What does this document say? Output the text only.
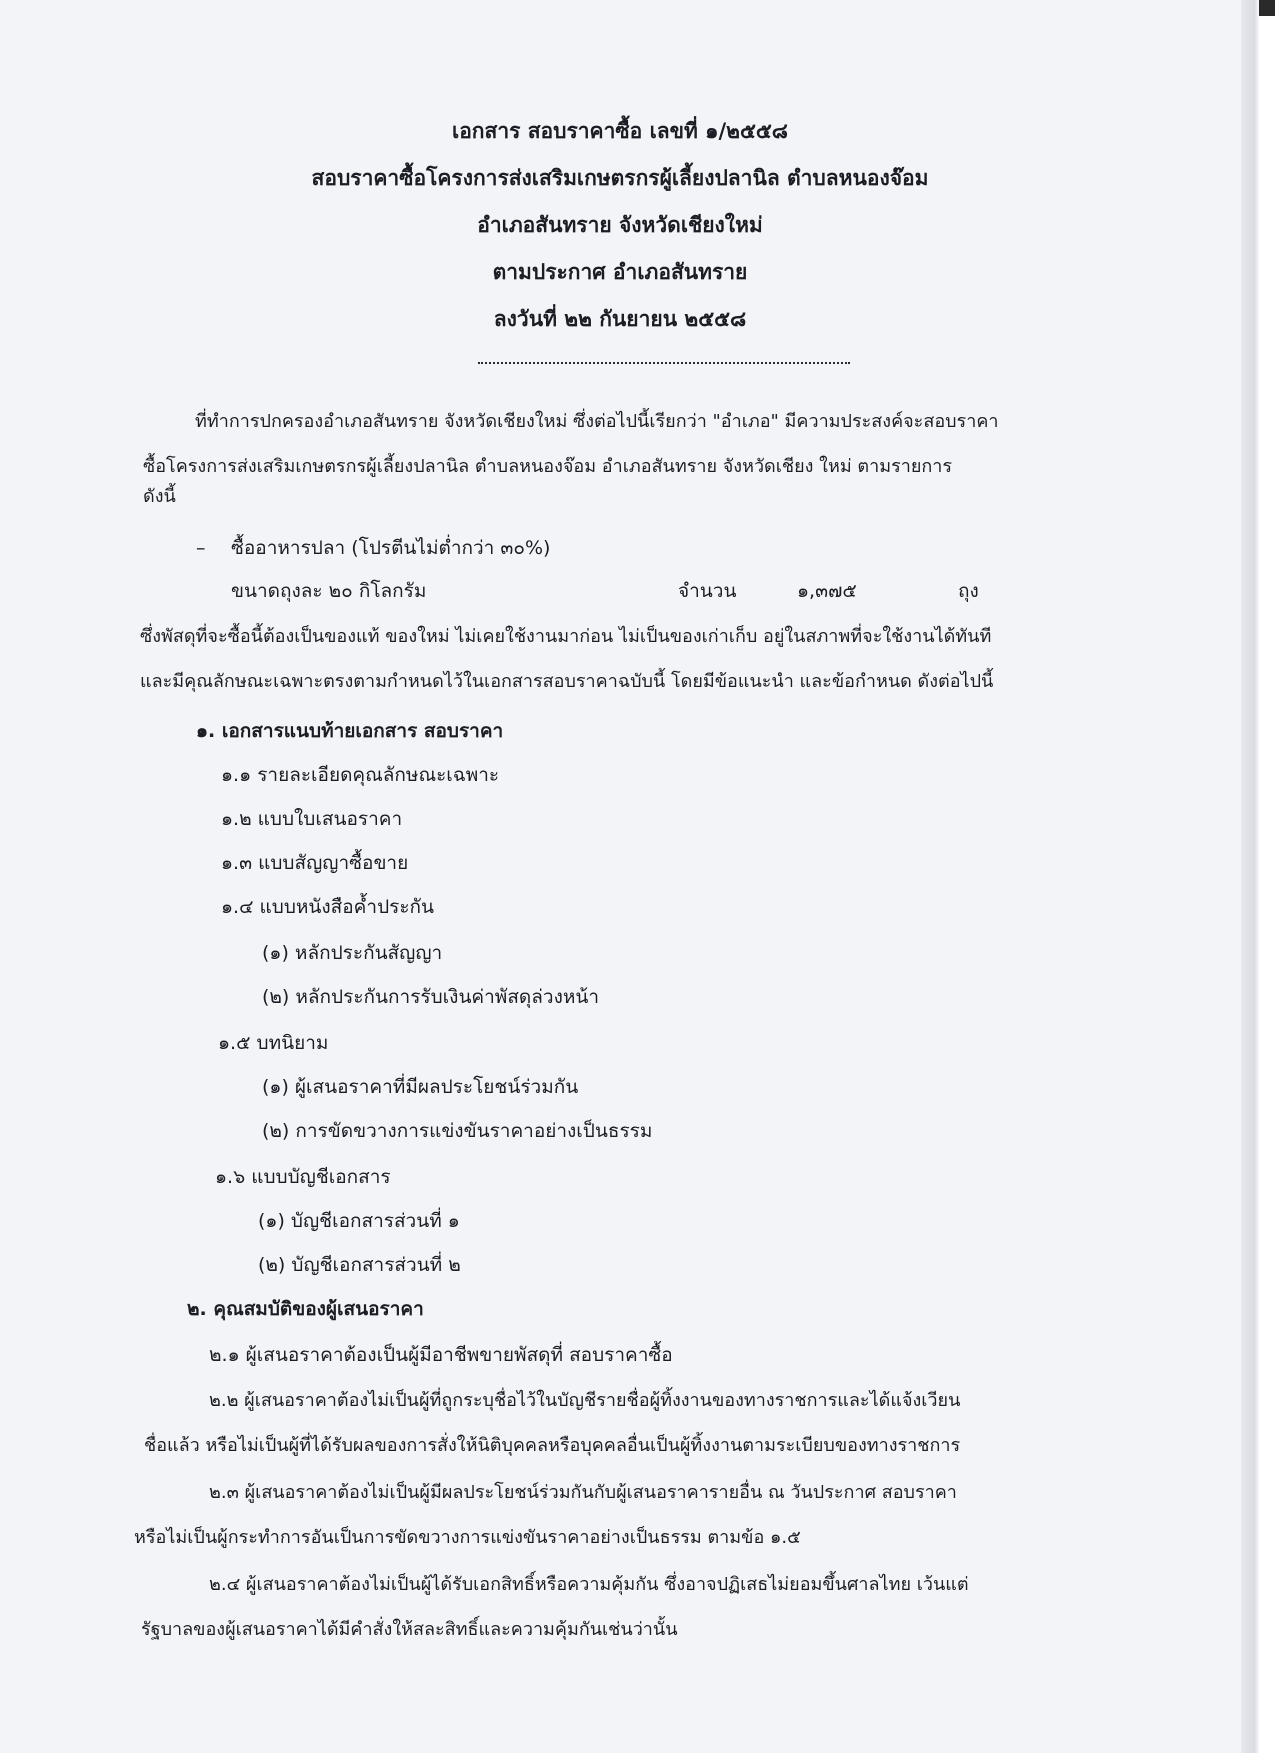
เอกสาร สอบราคาซื้อ เลขที่ ๑/๒๕๕๘
สอบราคาซื้อโครงการส่งเสริมเกษตรกรผู้เลี้ยงปลานิล ตำบลหนองจ๊อม
อำเภอสันทราย จังหวัดเชียงใหม่
ตามประกาศ อำเภอสันทราย
ลงวันที่ ๒๒ กันยายน ๒๕๕๘
ที่ทำการปกครองอำเภอสันทราย จังหวัดเชียงใหม่ ซึ่งต่อไปนี้เรียกว่า "อำเภอ" มีความประสงค์จะสอบราคา
ซื้อโครงการส่งเสริมเกษตรกรผู้เลี้ยงปลานิล ตำบลหนองจ๊อม อำเภอสันทราย จังหวัดเชียง ใหม่ ตามรายการ
ดังนี้
– ซื้ออาหารปลา (โปรตีนไม่ต่ำกว่า ๓๐%)
ขนาดถุงละ ๒๐ กิโลกรัม	จำนวน	๑,๓๗๕	ถุง
ซึ่งพัสดุที่จะซื้อนี้ต้องเป็นของแท้ ของใหม่ ไม่เคยใช้งานมาก่อน ไม่เป็นของเก่าเก็บ อยู่ในสภาพที่จะใช้งานได้ทันที
และมีคุณลักษณะเฉพาะตรงตามกำหนดไว้ในเอกสารสอบราคาฉบับนี้ โดยมีข้อแนะนำ และข้อกำหนด ดังต่อไปนี้
๑. เอกสารแนบท้ายเอกสาร สอบราคา
๑.๑ รายละเอียดคุณลักษณะเฉพาะ
๑.๒ แบบใบเสนอราคา
๑.๓ แบบสัญญาซื้อขาย
๑.๔ แบบหนังสือค้ำประกัน
(๑) หลักประกันสัญญา
(๒) หลักประกันการรับเงินค่าพัสดุล่วงหน้า
๑.๕ บทนิยาม
(๑) ผู้เสนอราคาที่มีผลประโยชน์ร่วมกัน
(๒) การขัดขวางการแข่งขันราคาอย่างเป็นธรรม
๑.๖ แบบบัญชีเอกสาร
(๑) บัญชีเอกสารส่วนที่ ๑
(๒) บัญชีเอกสารส่วนที่ ๒
๒. คุณสมบัติของผู้เสนอราคา
๒.๑ ผู้เสนอราคาต้องเป็นผู้มีอาชีพขายพัสดุที่ สอบราคาซื้อ
๒.๒ ผู้เสนอราคาต้องไม่เป็นผู้ที่ถูกระบุชื่อไว้ในบัญชีรายชื่อผู้ทิ้งงานของทางราชการและได้แจ้งเวียน
ชื่อแล้ว หรือไม่เป็นผู้ที่ได้รับผลของการสั่งให้นิติบุคคลหรือบุคคลอื่นเป็นผู้ทิ้งงานตามระเบียบของทางราชการ
๒.๓ ผู้เสนอราคาต้องไม่เป็นผู้มีผลประโยชน์ร่วมกันกับผู้เสนอราคารายอื่น ณ วันประกาศ สอบราคา
หรือไม่เป็นผู้กระทำการอันเป็นการขัดขวางการแข่งขันราคาอย่างเป็นธรรม ตามข้อ ๑.๕
๒.๔ ผู้เสนอราคาต้องไม่เป็นผู้ได้รับเอกสิทธิ์หรือความคุ้มกัน ซึ่งอาจปฏิเสธไม่ยอมขึ้นศาลไทย เว้นแต่
รัฐบาลของผู้เสนอราคาได้มีคำสั่งให้สละสิทธิ์และความคุ้มกันเช่นว่านั้น
